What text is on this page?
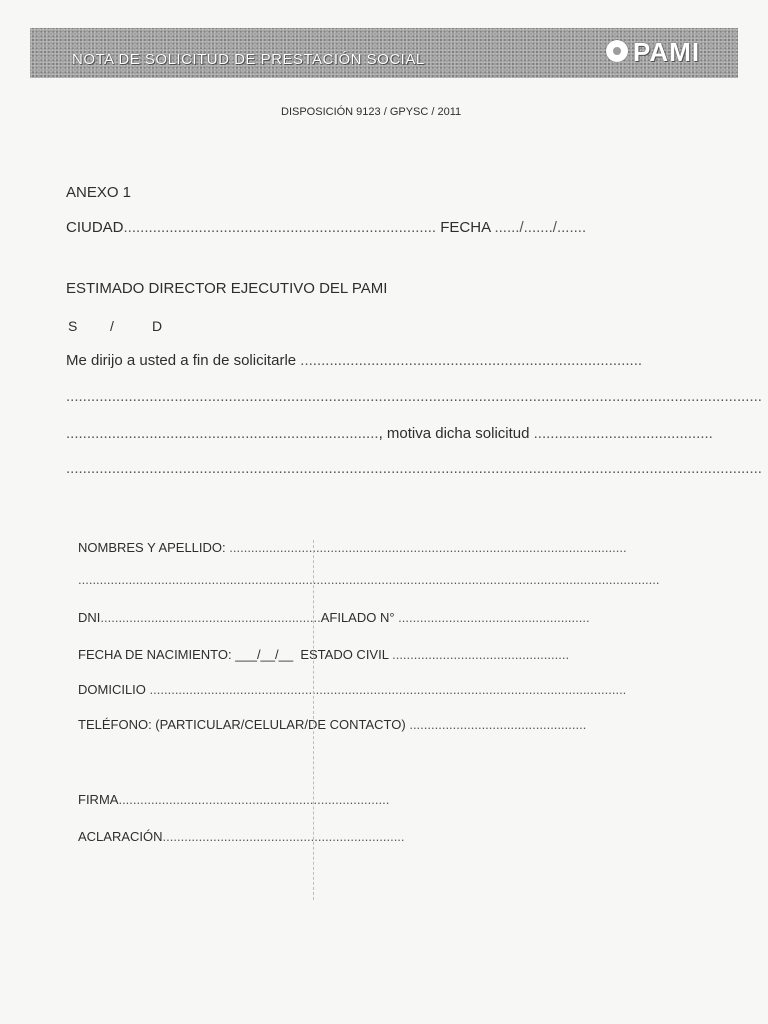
NOTA DE SOLICITUD DE PRESTACIÓN SOCIAL	PAMI
DISPOSICIÓN 9123 / GPYSC / 2011
ANEXO 1
CIUDAD........................................................................... FECHA ....../......./.......
ESTIMADO DIRECTOR EJECUTIVO DEL PAMI
S /	D
Me dirijo a usted a fin de solicitarle ..................................................................................
.......................................................................................................................................................................
..........................................................................., motiva dicha solicitud ...........................................
.......................................................................................................................................................................
NOMBRES Y APELLIDO: ..............................................................................................................
.................................................................................................................................................................
DNI.............................................................AFILADO N° .....................................................
FECHA DE NACIMIENTO: ___/__/__ ESTADO CIVIL .................................................
DOMICILIO ....................................................................................................................................
TELÉFONO: (PARTICULAR/CELULAR/DE CONTACTO) .................................................
FIRMA...........................................................................
ACLARACIÓN...................................................................
